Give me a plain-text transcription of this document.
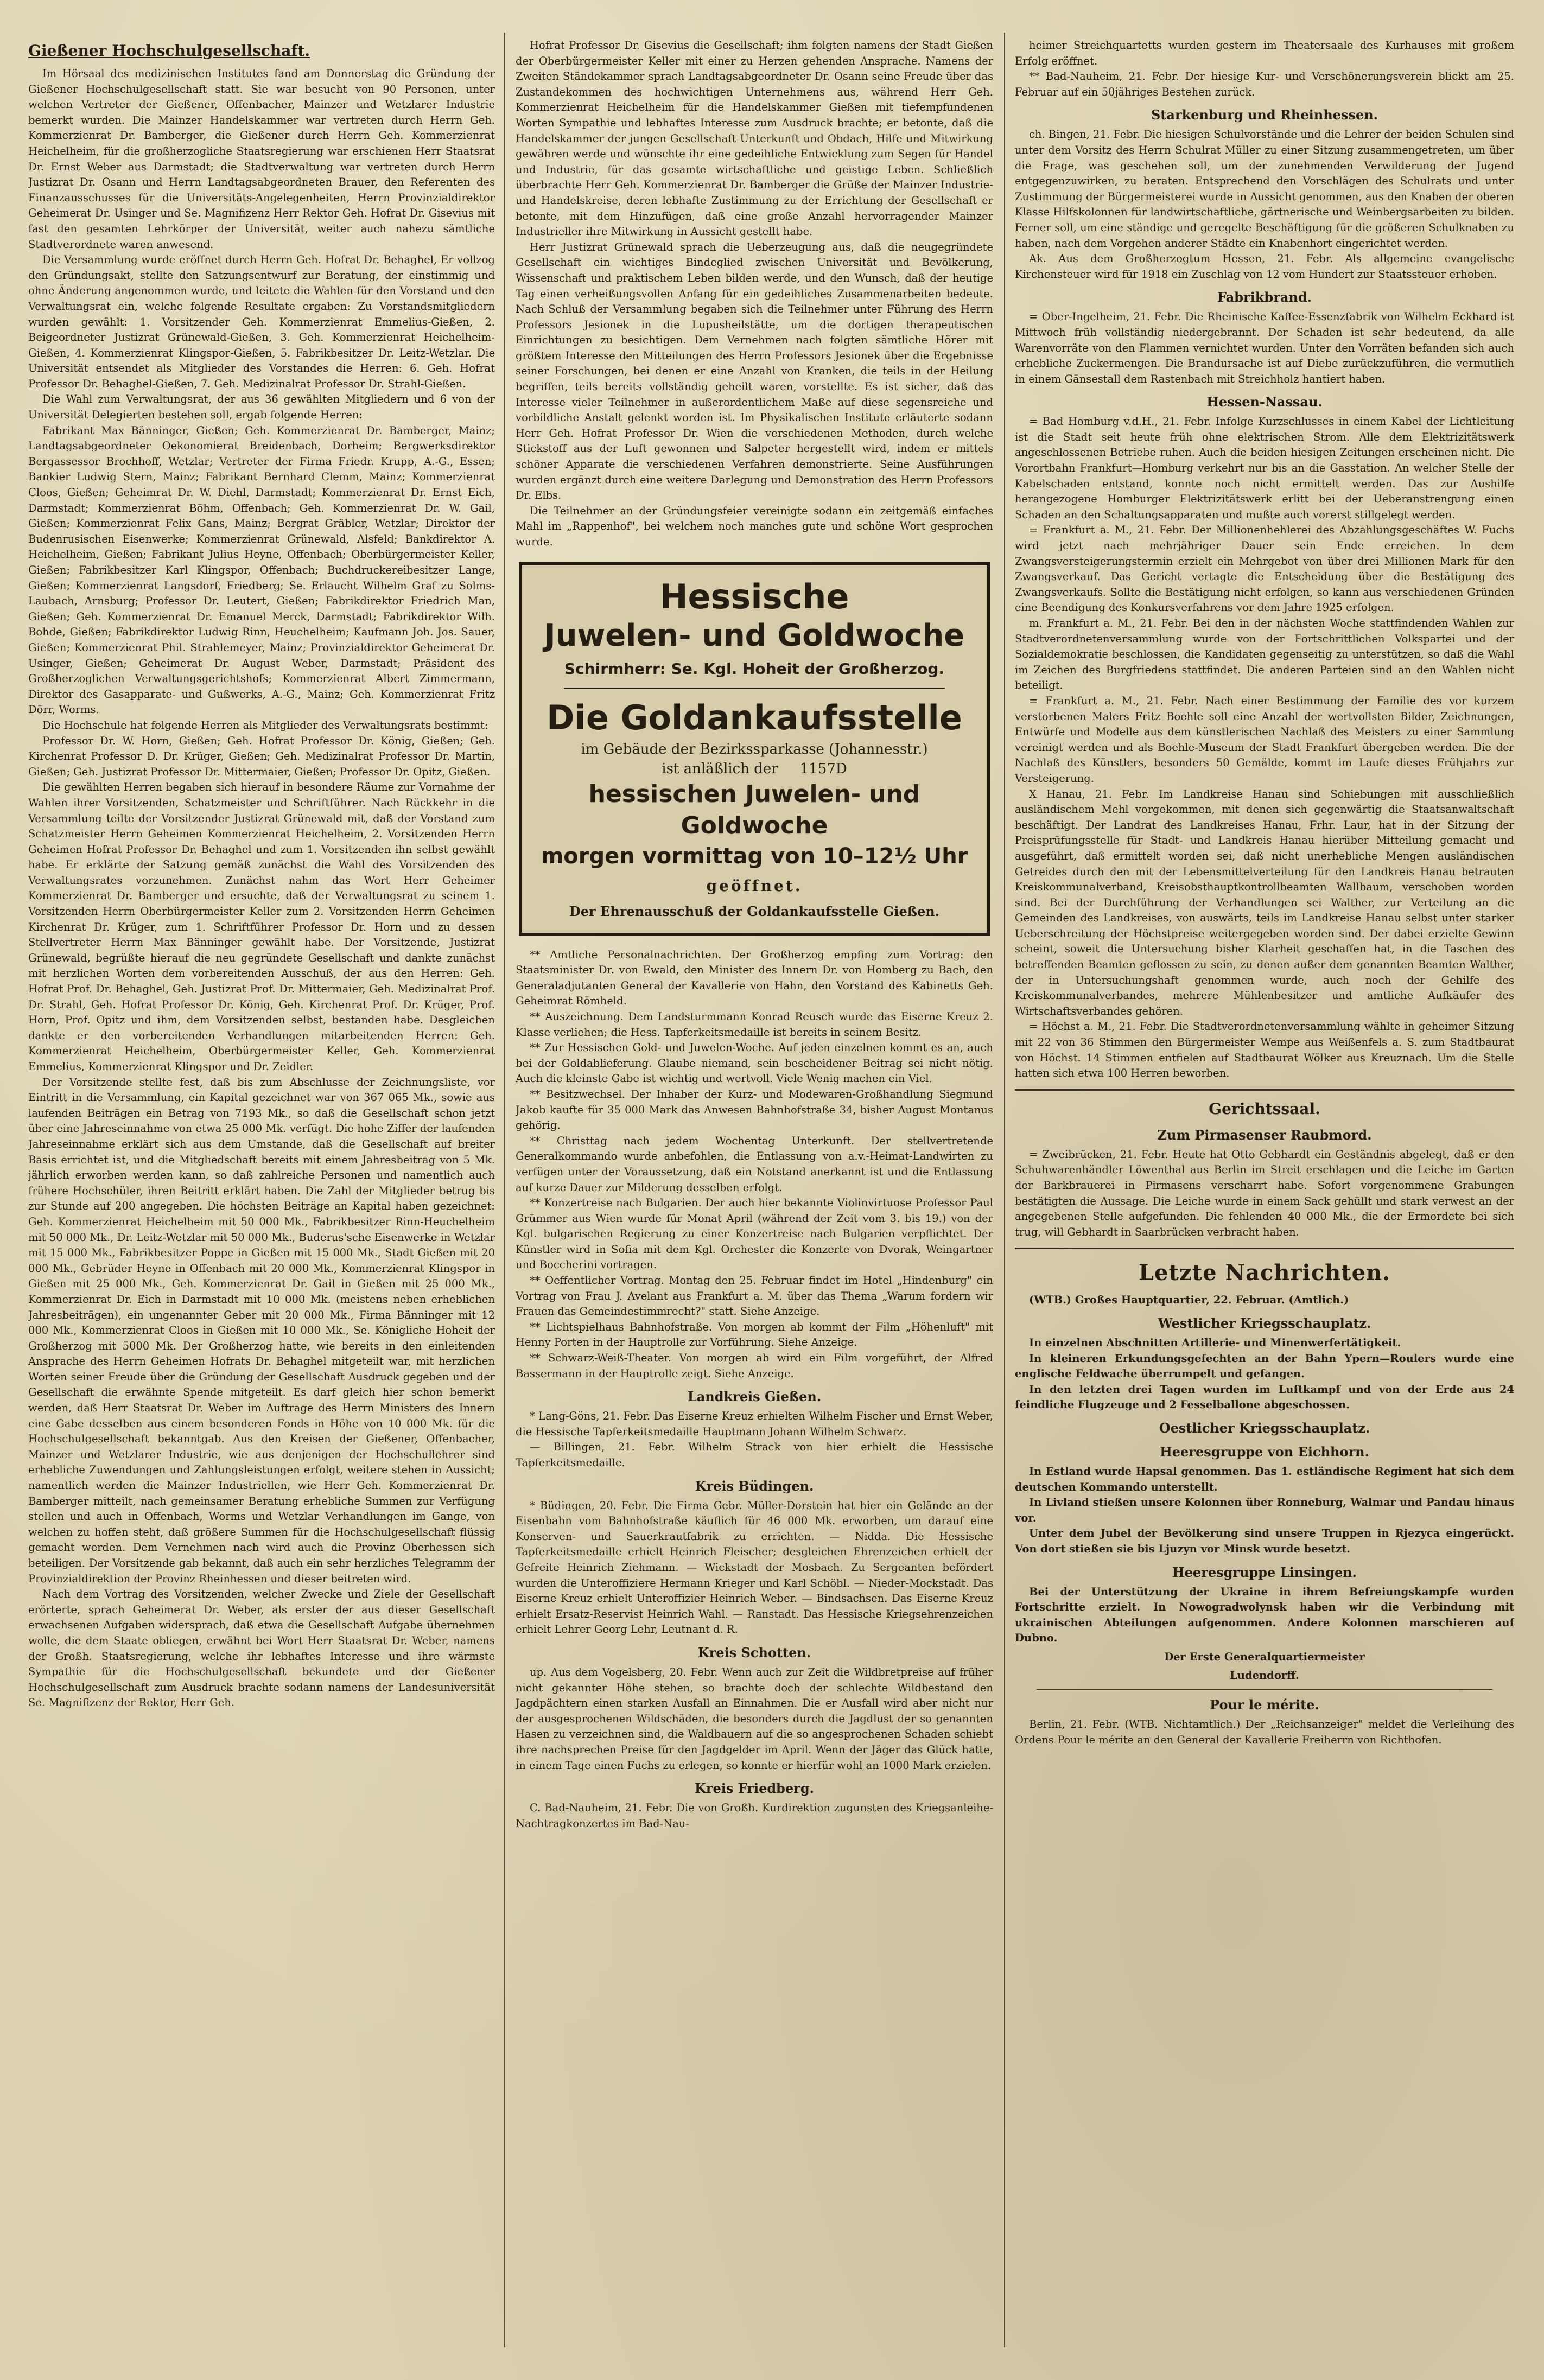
Gießener Hochschulgesellschaft.

Im Hörsaal des medizinischen Institutes fand am Donnerstag die Gründung der Gießener Hochschulgesellschaft statt. Sie war besucht von 90 Personen, unter welchen Vertreter der Gießener, Offenbacher, Mainzer und Wetzlarer Industrie bemerkt wurden. Die Mainzer Handelskammer war vertreten durch Herrn Geh. Kommerzienrat Dr. Bamberger, die Gießener durch Herrn Geh. Kommerzienrat Heichelheim, für die großherzogliche Staatsregierung war erschienen Herr Staatsrat Dr. Ernst Weber aus Darmstadt; die Stadtverwaltung war vertreten durch Herrn Justizrat Dr. Osann und Herrn Landtagsabgeordneten Brauer, den Referenten des Finanzausschusses für die Universitäts-Angelegenheiten, Herrn Provinzialdirektor Geheimerat Dr. Usinger und Se. Magnifizenz Herr Rektor Geh. Hofrat Dr. Gisevius mit fast den gesamten Lehrkörper der Universität, weiter auch nahezu sämtliche Stadtverordnete waren anwesend.

Die Versammlung wurde eröffnet durch Herrn Geh. Hofrat Dr. Behaghel, Er vollzog den Gründungsakt, stellte den Satzungsentwurf zur Beratung, der einstimmig und ohne Änderung angenommen wurde, und leitete die Wahlen für den Vorstand und den Verwaltungsrat ein, welche folgende Resultate ergaben: Zu Vorstandsmitgliedern wurden gewählt: 1. Vorsitzender Geh. Kommerzienrat Emmelius-Gießen, 2. Beigeordneter Justizrat Grünewald-Gießen, 3. Geh. Kommerzienrat Heichelheim-Gießen, 4. Kommerzienrat Klingspor-Gießen, 5. Fabrikbesitzer Dr. Leitz-Wetzlar. Die Universität entsendet als Mitglieder des Vorstandes die Herren: 6. Geh. Hofrat Professor Dr. Behaghel-Gießen, 7. Geh. Medizinalrat Professor Dr. Strahl-Gießen.

Die Wahl zum Verwaltungsrat, der aus 36 gewählten Mitgliedern und 6 von der Universität Delegierten bestehen soll, ergab folgende Herren:

Fabrikant Max Bänninger, Gießen; Geh. Kommerzienrat Dr. Bamberger, Mainz; Landtagsabgeordneter Oekonomierat Breidenbach, Dorheim; Bergwerksdirektor Bergassessor Brochhoff, Wetzlar; Vertreter der Firma Friedr. Krupp, A.-G., Essen; Bankier Ludwig Stern, Mainz; Fabrikant Bernhard Clemm, Mainz; Kommerzienrat Cloos, Gießen; Geheimrat Dr. W. Diehl, Darmstadt; Kommerzienrat Dr. Ernst Eich, Darmstadt; Kommerzienrat Böhm, Offenbach; Geh. Kommerzienrat Dr. W. Gail, Gießen; Kommerzienrat Felix Gans, Mainz; Bergrat Gräbler, Wetzlar; Direktor der Budenrusischen Eisenwerke; Kommerzienrat Grünewald, Alsfeld; Bankdirektor A. Heichelheim, Gießen; Fabrikant Julius Heyne, Offenbach; Oberbürgermeister Keller, Gießen; Fabrikbesitzer Karl Klingspor, Offenbach; Buchdruckereibesitzer Lange, Gießen; Kommerzienrat Langsdorf, Friedberg; Se. Erlaucht Wilhelm Graf zu Solms-Laubach, Arnsburg; Professor Dr. Leutert, Gießen; Fabrikdirektor Friedrich Man, Gießen; Geh. Kommerzienrat Dr. Emanuel Merck, Darmstadt; Fabrikdirektor Wilh. Bohde, Gießen; Fabrikdirektor Ludwig Rinn, Heuchelheim; Kaufmann Joh. Jos. Sauer, Gießen; Kommerzienrat Phil. Strahlemeyer, Mainz; Provinzialdirektor Geheimerat Dr. Usinger, Gießen; Geheimerat Dr. August Weber, Darmstadt; Präsident des Großherzoglichen Verwaltungsgerichtshofs; Kommerzienrat Albert Zimmermann, Direktor des Gasapparate- und Gußwerks, A.-G., Mainz; Geh. Kommerzienrat Fritz Dörr, Worms.

Die Hochschule hat folgende Herren als Mitglieder des Verwaltungsrats bestimmt:

Professor Dr. W. Horn, Gießen; Geh. Hofrat Professor Dr. König, Gießen; Geh. Kirchenrat Professor D. Dr. Krüger, Gießen; Geh. Medizinalrat Professor Dr. Martin, Gießen; Geh. Justizrat Professor Dr. Mittermaier, Gießen; Professor Dr. Opitz, Gießen.

Die gewählten Herren begaben sich hierauf in besondere Räume zur Vornahme der Wahlen ihrer Vorsitzenden, Schatzmeister und Schriftführer. Nach Rückkehr in die Versammlung teilte der Vorsitzender Justizrat Grünewald mit, daß der Vorstand zum Schatzmeister Herrn Geheimen Kommerzienrat Heichelheim, 2. Vorsitzenden Herrn Geheimen Hofrat Professor Dr. Behaghel und zum 1. Vorsitzenden ihn selbst gewählt habe. Er erklärte der Satzung gemäß zunächst die Wahl des Vorsitzenden des Verwaltungsrates vorzunehmen. Zunächst nahm das Wort Herr Geheimer Kommerzienrat Dr. Bamberger und ersuchte, daß der Verwaltungsrat zu seinem 1. Vorsitzenden Herrn Oberbürgermeister Keller zum 2. Vorsitzenden Herrn Geheimen Kirchenrat Dr. Krüger, zum 1. Schriftführer Professor Dr. Horn und zu dessen Stellvertreter Herrn Max Bänninger gewählt habe. Der Vorsitzende, Justizrat Grünewald, begrüßte hierauf die neu gegründete Gesellschaft und dankte zunächst mit herzlichen Worten dem vorbereitenden Ausschuß, der aus den Herren: Geh. Hofrat Prof. Dr. Behaghel, Geh. Justizrat Prof. Dr. Mittermaier, Geh. Medizinalrat Prof. Dr. Strahl, Geh. Hofrat Professor Dr. König, Geh. Kirchenrat Prof. Dr. Krüger, Prof. Horn, Prof. Opitz und ihm, dem Vorsitzenden selbst, bestanden habe. Desgleichen dankte er den vorbereitenden Verhandlungen mitarbeitenden Herren: Geh. Kommerzienrat Heichelheim, Oberbürgermeister Keller, Geh. Kommerzienrat Emmelius, Kommerzienrat Klingspor und Dr. Zeidler.

Der Vorsitzende stellte fest, daß bis zum Abschlusse der Zeichnungsliste, vor Eintritt in die Versammlung, ein Kapital gezeichnet war von 367 065 Mk., sowie aus laufenden Beiträgen ein Betrag von 7193 Mk., so daß die Gesellschaft schon jetzt über eine Jahreseinnahme von etwa 25 000 Mk. verfügt. Die hohe Ziffer der laufenden Jahreseinnahme erklärt sich aus dem Umstande, daß die Gesellschaft auf breiter Basis errichtet ist, und die Mitgliedschaft bereits mit einem Jahresbeitrag von 5 Mk. jährlich erworben werden kann, so daß zahlreiche Personen und namentlich auch frühere Hochschüler, ihren Beitritt erklärt haben. Die Zahl der Mitglieder betrug bis zur Stunde auf 200 angegeben. Die höchsten Beiträge an Kapital haben gezeichnet: Geh. Kommerzienrat Heichelheim mit 50 000 Mk., Fabrikbesitzer Rinn-Heuchelheim mit 50 000 Mk., Dr. Leitz-Wetzlar mit 50 000 Mk., Buderus'sche Eisenwerke in Wetzlar mit 15 000 Mk., Fabrikbesitzer Poppe in Gießen mit 15 000 Mk., Stadt Gießen mit 20 000 Mk., Gebrüder Heyne in Offenbach mit 20 000 Mk., Kommerzienrat Klingspor in Gießen mit 25 000 Mk., Geh. Kommerzienrat Dr. Gail in Gießen mit 25 000 Mk., Kommerzienrat Dr. Eich in Darmstadt mit 10 000 Mk. (meistens neben erheblichen Jahresbeiträgen), ein ungenannter Geber mit 20 000 Mk., Firma Bänninger mit 12 000 Mk., Kommerzienrat Cloos in Gießen mit 10 000 Mk., Se. Königliche Hoheit der Großherzog mit 5000 Mk. Der Großherzog hatte, wie bereits in den einleitenden Ansprache des Herrn Geheimen Hofrats Dr. Behaghel mitgeteilt war, mit herzlichen Worten seiner Freude über die Gründung der Gesellschaft Ausdruck gegeben und der Gesellschaft die erwähnte Spende mitgeteilt. Es darf gleich hier schon bemerkt werden, daß Herr Staatsrat Dr. Weber im Auftrage des Herrn Ministers des Innern eine Gabe desselben aus einem besonderen Fonds in Höhe von 10 000 Mk. für die Hochschulgesellschaft bekanntgab. Aus den Kreisen der Gießener, Offenbacher, Mainzer und Wetzlarer Industrie, wie aus denjenigen der Hochschullehrer sind erhebliche Zuwendungen und Zahlungsleistungen erfolgt, weitere stehen in Aussicht; namentlich werden die Mainzer Industriellen, wie Herr Geh. Kommerzienrat Dr. Bamberger mitteilt, nach gemeinsamer Beratung erhebliche Summen zur Verfügung stellen und auch in Offenbach, Worms und Wetzlar Verhandlungen im Gange, von welchen zu hoffen steht, daß größere Summen für die Hochschulgesellschaft flüssig gemacht werden. Dem Vernehmen nach wird auch die Provinz Oberhessen sich beteiligen. Der Vorsitzende gab bekannt, daß auch ein sehr herzliches Telegramm der Provinzialdirektion der Provinz Rheinhessen und dieser beitreten wird.

Nach dem Vortrag des Vorsitzenden, welcher Zwecke und Ziele der Gesellschaft erörterte, sprach Geheimerat Dr. Weber, als erster der aus dieser Gesellschaft erwachsenen Aufgaben widersprach, daß etwa die Gesellschaft Aufgabe übernehmen wolle, die dem Staate obliegen, erwähnt bei Wort Herr Staatsrat Dr. Weber, namens der Großh. Staatsregierung, welche ihr lebhaftes Interesse und ihre wärmste Sympathie für die Hochschulgesellschaft bekundete und der Gießener Hochschulgesellschaft zum Ausdruck brachte sodann namens der Landesuniversität Se. Magnifizenz der Rektor, Herr Geh.

Hofrat Professor Dr. Gisevius die Gesellschaft; ihm folgten namens der Stadt Gießen der Oberbürgermeister Keller mit einer zu Herzen gehenden Ansprache. Namens der Zweiten Ständekammer sprach Landtagsabgeordneter Dr. Osann seine Freude über das Zustandekommen des hochwichtigen Unternehmens aus, während Herr Geh. Kommerzienrat Heichelheim für die Handelskammer Gießen mit tiefempfundenen Worten Sympathie und lebhaftes Interesse zum Ausdruck brachte; er betonte, daß die Handelskammer der jungen Gesellschaft Unterkunft und Obdach, Hilfe und Mitwirkung gewähren werde und wünschte ihr eine gedeihliche Entwicklung zum Segen für Handel und Industrie, für das gesamte wirtschaftliche und geistige Leben. Schließlich überbrachte Herr Geh. Kommerzienrat Dr. Bamberger die Grüße der Mainzer Industrie- und Handelskreise, deren lebhafte Zustimmung zu der Errichtung der Gesellschaft er betonte, mit dem Hinzufügen, daß eine große Anzahl hervorragender Mainzer Industrieller ihre Mitwirkung in Aussicht gestellt habe.

Herr Justizrat Grünewald sprach die Ueberzeugung aus, daß die neugegründete Gesellschaft ein wichtiges Bindeglied zwischen Universität und Bevölkerung, Wissenschaft und praktischem Leben bilden werde, und den Wunsch, daß der heutige Tag einen verheißungsvollen Anfang für ein gedeihliches Zusammenarbeiten bedeute. Nach Schluß der Versammlung begaben sich die Teilnehmer unter Führung des Herrn Professors Jesionek in die Lupusheilstätte, um die dortigen therapeutischen Einrichtungen zu besichtigen. Dem Vernehmen nach folgten sämtliche Hörer mit größtem Interesse den Mitteilungen des Herrn Professors Jesionek über die Ergebnisse seiner Forschungen, bei denen er eine Anzahl von Kranken, die teils in der Heilung begriffen, teils bereits vollständig geheilt waren, vorstellte. Es ist sicher, daß das Interesse vieler Teilnehmer in außerordentlichem Maße auf diese segensreiche und vorbildliche Anstalt gelenkt worden ist. Im Physikalischen Institute erläuterte sodann Herr Geh. Hofrat Professor Dr. Wien die verschiedenen Methoden, durch welche Stickstoff aus der Luft gewonnen und Salpeter hergestellt wird, indem er mittels schöner Apparate die verschiedenen Verfahren demonstrierte. Seine Ausführungen wurden ergänzt durch eine weitere Darlegung und Demonstration des Herrn Professors Dr. Elbs.

Die Teilnehmer an der Gründungsfeier vereinigte sodann ein zeitgemäß einfaches Mahl im „Rappenhof", bei welchem noch manches gute und schöne Wort gesprochen wurde.

Hessische
Juwelen- und Goldwoche
Schirmherr: Se. Kgl. Hoheit der Großherzog.
Die Goldankaufsstelle
im Gebäude der Bezirkssparkasse (Johannesstr.)
ist anläßlich der 1157D
hessischen Juwelen- und Goldwoche
morgen vormittag von 10–12½ Uhr
geöffnet.
Der Ehrenausschuß der Goldankaufsstelle Gießen.

** Amtliche Personalnachrichten. Der Großherzog empfing zum Vortrag: den Staatsminister Dr. von Ewald, den Minister des Innern Dr. von Homberg zu Bach, den Generaladjutanten General der Kavallerie von Hahn, den Vorstand des Kabinetts Geh. Geheimrat Römheld.

** Auszeichnung. Dem Landsturmmann Konrad Reusch wurde das Eiserne Kreuz 2. Klasse verliehen; die Hess. Tapferkeitsmedaille ist bereits in seinem Besitz.

** Zur Hessischen Gold- und Juwelen-Woche. Auf jeden einzelnen kommt es an, auch bei der Goldablieferung. Glaube niemand, sein bescheidener Beitrag sei nicht nötig. Auch die kleinste Gabe ist wichtig und wertvoll. Viele Wenig machen ein Viel.

** Besitzwechsel. Der Inhaber der Kurz- und Modewaren-Großhandlung Siegmund Jakob kaufte für 35 000 Mark das Anwesen Bahnhofstraße 34, bisher August Montanus gehörig.

** Christtag nach jedem Wochentag Unterkunft. Der stellvertretende Generalkommando wurde anbefohlen, die Entlassung von a.v.-Heimat-Landwirten zu verfügen unter der Voraussetzung, daß ein Notstand anerkannt ist und die Entlassung auf kurze Dauer zur Milderung desselben erfolgt.

** Konzertreise nach Bulgarien. Der auch hier bekannte Violinvirtuose Professor Paul Grümmer aus Wien wurde für Monat April (während der Zeit vom 3. bis 19.) von der Kgl. bulgarischen Regierung zu einer Konzertreise nach Bulgarien verpflichtet. Der Künstler wird in Sofia mit dem Kgl. Orchester die Konzerte von Dvorak, Weingartner und Boccherini vortragen.

** Oeffentlicher Vortrag. Montag den 25. Februar findet im Hotel „Hindenburg" ein Vortrag von Frau J. Avelant aus Frankfurt a. M. über das Thema „Warum fordern wir Frauen das Gemeindestimmrecht?" statt. Siehe Anzeige.

** Lichtspielhaus Bahnhofstraße. Von morgen ab kommt der Film „Höhenluft" mit Henny Porten in der Hauptrolle zur Vorführung. Siehe Anzeige.

** Schwarz-Weiß-Theater. Von morgen ab wird ein Film vorgeführt, der Alfred Bassermann in der Hauptrolle zeigt. Siehe Anzeige.

Landkreis Gießen.

* Lang-Göns, 21. Febr. Das Eiserne Kreuz erhielten Wilhelm Fischer und Ernst Weber, die Hessische Tapferkeitsmedaille Hauptmann Johann Wilhelm Schwarz.

— Billingen, 21. Febr. Wilhelm Strack von hier erhielt die Hessische Tapferkeitsmedaille.

Kreis Büdingen.

* Büdingen, 20. Febr. Die Firma Gebr. Müller-Dorstein hat hier ein Gelände an der Eisenbahn vom Bahnhofstraße käuflich für 46 000 Mk. erworben, um darauf eine Konserven- und Sauerkrautfabrik zu errichten. — Nidda. Die Hessische Tapferkeitsmedaille erhielt Heinrich Fleischer; desgleichen Ehrenzeichen erhielt der Gefreite Heinrich Ziehmann. — Wickstadt der Mosbach. Zu Sergeanten befördert wurden die Unteroffiziere Hermann Krieger und Karl Schöbl. — Nieder-Mockstadt. Das Eiserne Kreuz erhielt Unteroffizier Heinrich Weber. — Bindsachsen. Das Eiserne Kreuz erhielt Ersatz-Reservist Heinrich Wahl. — Ranstadt. Das Hessische Kriegsehrenzeichen erhielt Lehrer Georg Lehr, Leutnant d. R.

Kreis Schotten.

up. Aus dem Vogelsberg, 20. Febr. Wenn auch zur Zeit die Wildbretpreise auf früher nicht gekannter Höhe stehen, so brachte doch der schlechte Wildbestand den Jagdpächtern einen starken Ausfall an Einnahmen. Die er Ausfall wird aber nicht nur der ausgesprochenen Wildschäden, die besonders durch die Jagdlust der so genannten Hasen zu verzeichnen sind, die Waldbauern auf die so angesprochenen Schaden schiebt ihre nachsprechen Preise für den Jagdgelder im April. Wenn der Jäger das Glück hatte, in einem Tage einen Fuchs zu erlegen, so konnte er hierfür wohl an 1000 Mark erzielen.

Kreis Friedberg.

C. Bad-Nauheim, 21. Febr. Die von Großh. Kurdirektion zugunsten des Kriegsanleihe-Nachtragkonzertes im Bad-Nau-

heimer Streichquartetts wurden gestern im Theatersaale des Kurhauses mit großem Erfolg eröffnet.

** Bad-Nauheim, 21. Febr. Der hiesige Kur- und Verschönerungsverein blickt am 25. Februar auf ein 50jähriges Bestehen zurück.

Starkenburg und Rheinhessen.

ch. Bingen, 21. Febr. Die hiesigen Schulvorstände und die Lehrer der beiden Schulen sind unter dem Vorsitz des Herrn Schulrat Müller zu einer Sitzung zusammengetreten, um über die Frage, was geschehen soll, um der zunehmenden Verwilderung der Jugend entgegenzuwirken, zu beraten. Entsprechend den Vorschlägen des Schulrats und unter Zustimmung der Bürgermeisterei wurde in Aussicht genommen, aus den Knaben der oberen Klasse Hilfskolonnen für landwirtschaftliche, gärtnerische und Weinbergsarbeiten zu bilden. Ferner soll, um eine ständige und geregelte Beschäftigung für die größeren Schulknaben zu haben, nach dem Vorgehen anderer Städte ein Knabenhort eingerichtet werden.

Ak. Aus dem Großherzogtum Hessen, 21. Febr. Als allgemeine evangelische Kirchensteuer wird für 1918 ein Zuschlag von 12 vom Hundert zur Staatssteuer erhoben.

Fabrikbrand.

= Ober-Ingelheim, 21. Febr. Die Rheinische Kaffee-Essenzfabrik von Wilhelm Eckhard ist Mittwoch früh vollständig niedergebrannt. Der Schaden ist sehr bedeutend, da alle Warenvorräte von den Flammen vernichtet wurden. Unter den Vorräten befanden sich auch erhebliche Zuckermengen. Die Brandursache ist auf Diebe zurückzuführen, die vermutlich in einem Gänsestall dem Rastenbach mit Streichholz hantiert haben.

Hessen-Nassau.

= Bad Homburg v.d.H., 21. Febr. Infolge Kurzschlusses in einem Kabel der Lichtleitung ist die Stadt seit heute früh ohne elektrischen Strom. Alle dem Elektrizitätswerk angeschlossenen Betriebe ruhen. Auch die beiden hiesigen Zeitungen erscheinen nicht. Die Vorortbahn Frankfurt—Homburg verkehrt nur bis an die Gasstation. An welcher Stelle der Kabelschaden entstand, konnte noch nicht ermittelt werden. Das zur Aushilfe herangezogene Homburger Elektrizitätswerk erlitt bei der Ueberanstrengung einen Schaden an den Schaltungsapparaten und mußte auch vorerst stillgelegt werden.

= Frankfurt a. M., 21. Febr. Der Millionenhehlerei des Abzahlungsgeschäftes W. Fuchs wird jetzt nach mehrjähriger Dauer sein Ende erreichen. In dem Zwangsversteigerungstermin erzielt ein Mehrgebot von über drei Millionen Mark für den Zwangsverkauf. Das Gericht vertagte die Entscheidung über die Bestätigung des Zwangsverkaufs. Sollte die Bestätigung nicht erfolgen, so kann aus verschiedenen Gründen eine Beendigung des Konkursverfahrens vor dem Jahre 1925 erfolgen.

m. Frankfurt a. M., 21. Febr. Bei den in der nächsten Woche stattfindenden Wahlen zur Stadtverordnetenversammlung wurde von der Fortschrittlichen Volkspartei und der Sozialdemokratie beschlossen, die Kandidaten gegenseitig zu unterstützen, so daß die Wahl im Zeichen des Burgfriedens stattfindet. Die anderen Parteien sind an den Wahlen nicht beteiligt.

= Frankfurt a. M., 21. Febr. Nach einer Bestimmung der Familie des vor kurzem verstorbenen Malers Fritz Boehle soll eine Anzahl der wertvollsten Bilder, Zeichnungen, Entwürfe und Modelle aus dem künstlerischen Nachlaß des Meisters zu einer Sammlung vereinigt werden und als Boehle-Museum der Stadt Frankfurt übergeben werden. Die der Nachlaß des Künstlers, besonders 50 Gemälde, kommt im Laufe dieses Frühjahrs zur Versteigerung.

X Hanau, 21. Febr. Im Landkreise Hanau sind Schiebungen mit ausschließlich ausländischem Mehl vorgekommen, mit denen sich gegenwärtig die Staatsanwaltschaft beschäftigt. Der Landrat des Landkreises Hanau, Frhr. Laur, hat in der Sitzung der Preisprüfungsstelle für Stadt- und Landkreis Hanau hierüber Mitteilung gemacht und ausgeführt, daß ermittelt worden sei, daß nicht unerhebliche Mengen ausländischen Getreides durch den mit der Lebensmittelverteilung für den Landkreis Hanau betrauten Kreiskommunalverband, Kreisobsthauptkontrollbeamten Wallbaum, verschoben worden sind. Bei der Durchführung der Verhandlungen sei Walther, zur Verteilung an die Gemeinden des Landkreises, von auswärts, teils im Landkreise Hanau selbst unter starker Ueberschreitung der Höchstpreise weitergegeben worden sind. Der dabei erzielte Gewinn scheint, soweit die Untersuchung bisher Klarheit geschaffen hat, in die Taschen des betreffenden Beamten geflossen zu sein, zu denen außer dem genannten Beamten Walther, der in Untersuchungshaft genommen wurde, auch noch der Gehilfe des Kreiskommunalverbandes, mehrere Mühlenbesitzer und amtliche Aufkäufer des Wirtschaftsverbandes gehören.

= Höchst a. M., 21. Febr. Die Stadtverordnetenversammlung wählte in geheimer Sitzung mit 22 von 36 Stimmen den Bürgermeister Wempe aus Weißenfels a. S. zum Stadtbaurat von Höchst. 14 Stimmen entfielen auf Stadtbaurat Wölker aus Kreuznach. Um die Stelle hatten sich etwa 100 Herren beworben.

Gerichtssaal.
Zum Pirmasenser Raubmord.

= Zweibrücken, 21. Febr. Heute hat Otto Gebhardt ein Geständnis abgelegt, daß er den Schuhwarenhändler Löwenthal aus Berlin im Streit erschlagen und die Leiche im Garten der Barkbrauerei in Pirmasens verscharrt habe. Sofort vorgenommene Grabungen bestätigten die Aussage. Die Leiche wurde in einem Sack gehüllt und stark verwest an der angegebenen Stelle aufgefunden. Die fehlenden 40 000 Mk., die der Ermordete bei sich trug, will Gebhardt in Saarbrücken verbracht haben.

Letzte Nachrichten.

(WTB.) Großes Hauptquartier, 22. Februar. (Amtlich.)

Westlicher Kriegsschauplatz.

In einzelnen Abschnitten Artillerie- und Minenwerfertätigkeit.

In kleineren Erkundungsgefechten an der Bahn Ypern—Roulers wurde eine englische Feldwache überrumpelt und gefangen.

In den letzten drei Tagen wurden im Luftkampf und von der Erde aus 24 feindliche Flugzeuge und 2 Fesselballone abgeschossen.

Oestlicher Kriegsschauplatz.
Heeresgruppe von Eichhorn.

In Estland wurde Hapsal genommen. Das 1. estländische Regiment hat sich dem deutschen Kommando unterstellt.

In Livland stießen unsere Kolonnen über Ronneburg, Walmar und Pandau hinaus vor.

Unter dem Jubel der Bevölkerung sind unsere Truppen in Rjezyca eingerückt. Von dort stießen sie bis Ljuzyn vor Minsk wurde besetzt.

Heeresgruppe Linsingen.

Bei der Unterstützung der Ukraine in ihrem Befreiungskampfe wurden Fortschritte erzielt. In Nowogradwolynsk haben wir die Verbindung mit ukrainischen Abteilungen aufgenommen. Andere Kolonnen marschieren auf Dubno.

Der Erste Generalquartiermeister
Ludendorff.
Pour le mérite.

Berlin, 21. Febr. (WTB. Nichtamtlich.) Der „Reichsanzeiger" meldet die Verleihung des Ordens Pour le mérite an den General der Kavallerie Freiherrn von Richthofen.
